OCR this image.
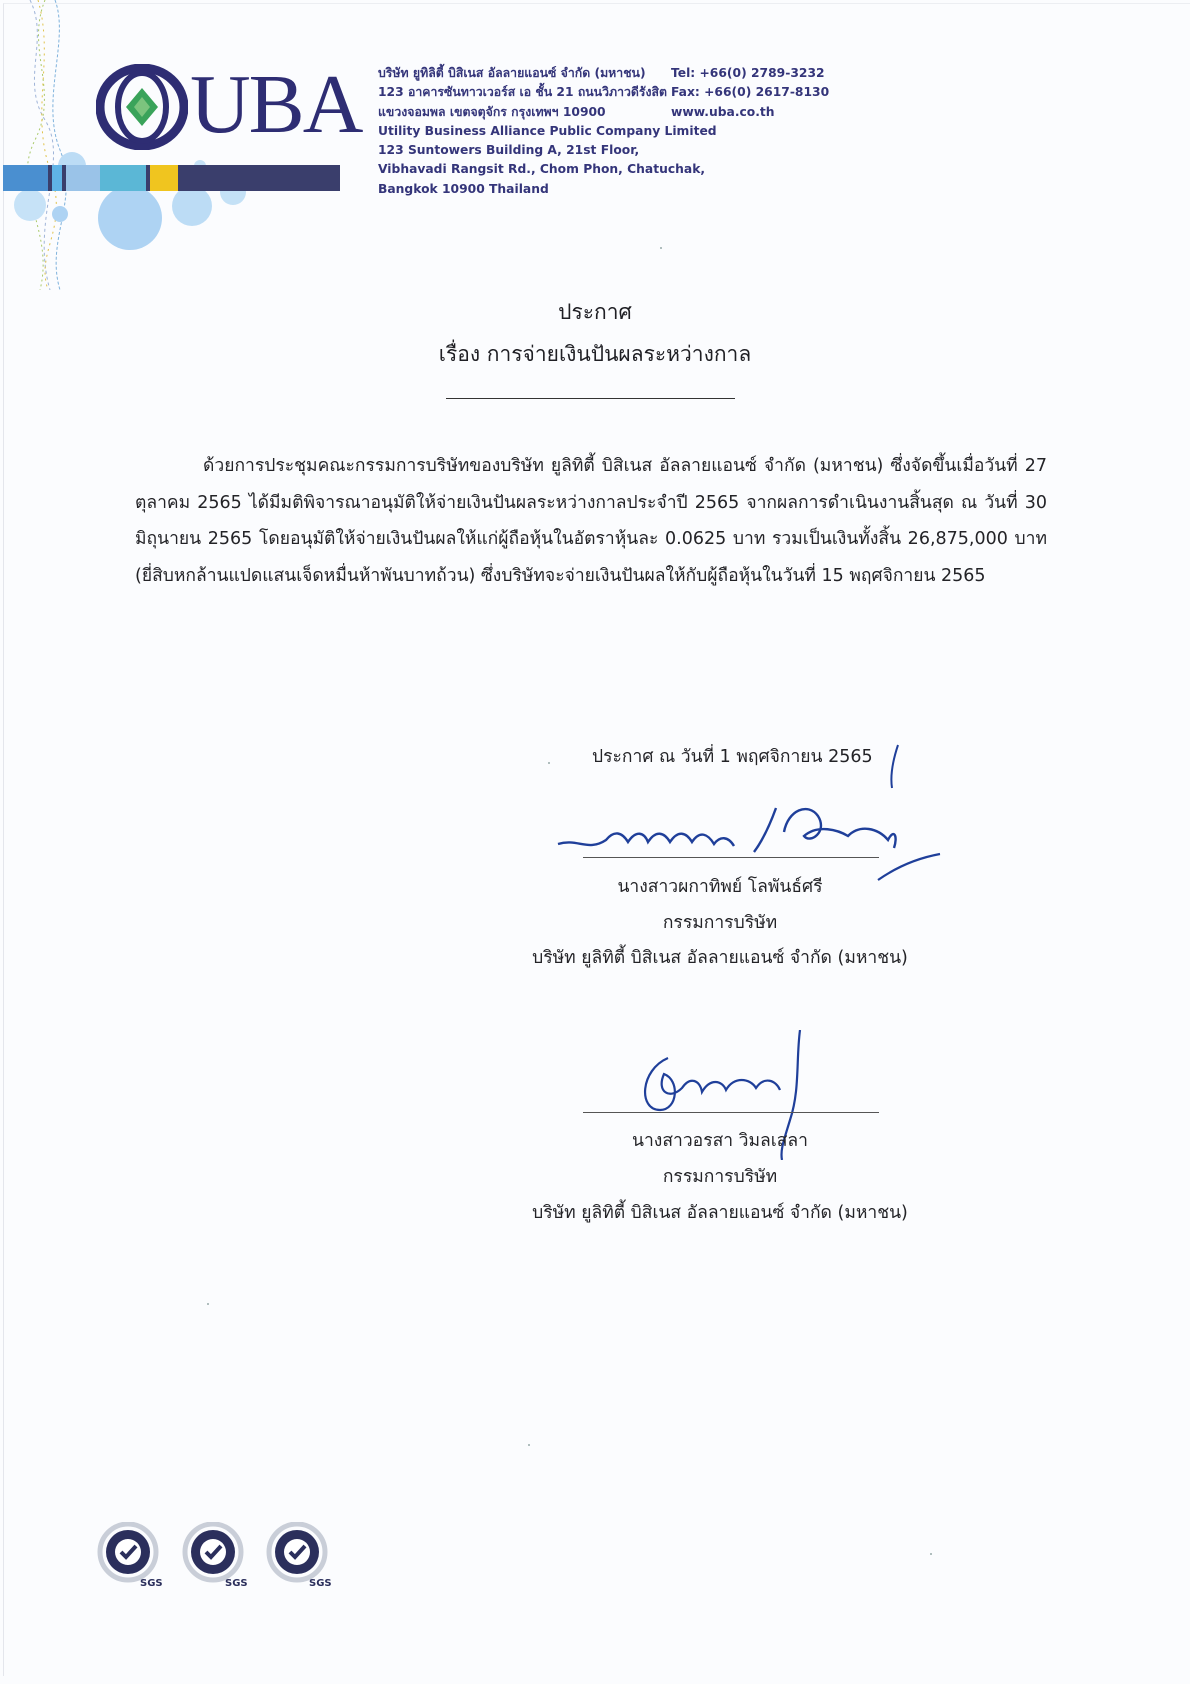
UBA บริษัท ยูทิลิตี้ บิสิเนส อัลลายแอนซ์ จำกัด (มหาชน)
123 อาคารซันทาวเวอร์ส เอ ชั้น 21 ถนนวิภาวดีรังสิต
แขวงจอมพล เขตจตุจักร กรุงเทพฯ 10900
Utility Business Alliance Public Company Limited
123 Suntowers Building A, 21st Floor,
Vibhavadi Rangsit Rd., Chom Phon, Chatuchak,
Bangkok 10900 Thailand
Tel: +66(0) 2789-3232
Fax: +66(0) 2617-8130
www.uba.co.th
ประกาศ
เรื่อง การจ่ายเงินปันผลระหว่างกาล
ด้วยการประชุมคณะกรรมการบริษัทของบริษัท ยูลิทิตี้ บิสิเนส อัลลายแอนซ์ จำกัด (มหาชน) ซึ่งจัดขึ้นเมื่อวันที่ 27 ตุลาคม 2565 ได้มีมติพิจารณาอนุมัติให้จ่ายเงินปันผลระหว่างกาลประจำปี 2565 จากผลการดำเนินงานสิ้นสุด ณ วันที่ 30 มิถุนายน 2565 โดยอนุมัติให้จ่ายเงินปันผลให้แก่ผู้ถือหุ้นในอัตราหุ้นละ 0.0625 บาท รวมเป็นเงินทั้งสิ้น 26,875,000 บาท (ยี่สิบหกล้านแปดแสนเจ็ดหมื่นห้าพันบาทถ้วน) ซึ่งบริษัทจะจ่ายเงินปันผลให้กับผู้ถือหุ้นในวันที่ 15 พฤศจิกายน 2565
ประกาศ ณ วันที่ 1 พฤศจิกายน 2565
นางสาวผกาทิพย์ โลพันธ์ศรี
กรรมการบริษัท
บริษัท ยูลิทิตี้ บิสิเนส อัลลายแอนซ์ จำกัด (มหาชน)
นางสาวอรสา วิมลเสลา
กรรมการบริษัท
บริษัท ยูลิทิตี้ บิสิเนส อัลลายแอนซ์ จำกัด (มหาชน)
SGS	SGS	SGS
